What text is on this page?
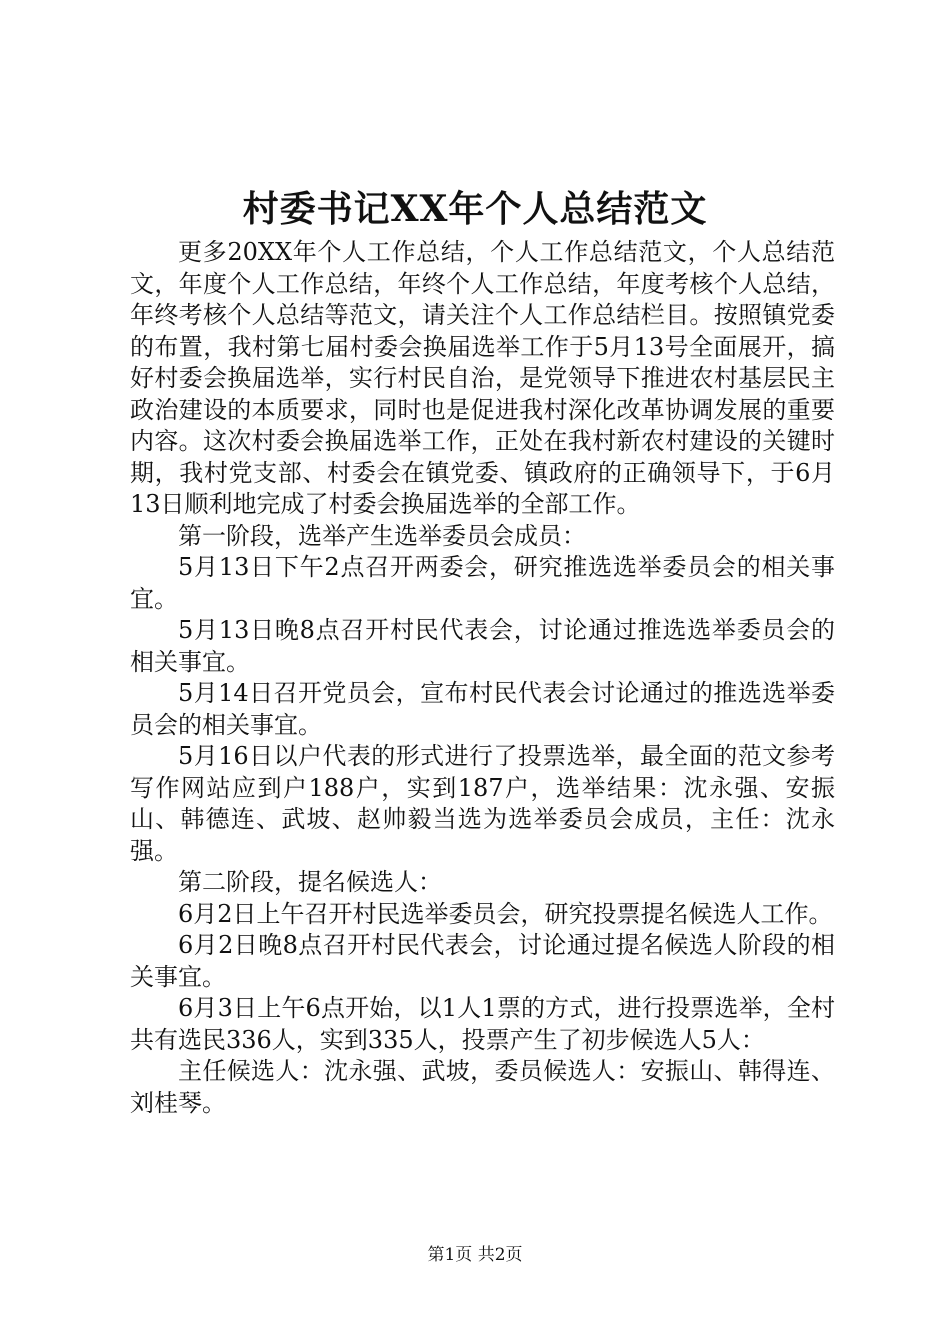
村委书记XX年个人总结范文

更多20XX年个人工作总结，个人工作总结范文，个人总结范文，年度个人工作总结，年终个人工作总结，年度考核个人总结，年终考核个人总结等范文，请关注个人工作总结栏目。按照镇党委的布置，我村第七届村委会换届选举工作于5月13号全面展开，搞好村委会换届选举，实行村民自治，是党领导下推进农村基层民主政治建设的本质要求，同时也是促进我村深化改革协调发展的重要内容。这次村委会换届选举工作，正处在我村新农村建设的关键时期，我村党支部、村委会在镇党委、镇政府的正确领导下，于6月13日顺利地完成了村委会换届选举的全部工作。

第一阶段，选举产生选举委员会成员：

5月13日下午2点召开两委会，研究推选选举委员会的相关事宜。

5月13日晚8点召开村民代表会，讨论通过推选选举委员会的相关事宜。

5月14日召开党员会，宣布村民代表会讨论通过的推选选举委员会的相关事宜。

5月16日以户代表的形式进行了投票选举，最全面的范文参考写作网站应到户188户，实到187户，选举结果：沈永强、安振山、韩德连、武坡、赵帅毅当选为选举委员会成员，主任：沈永强。

第二阶段，提名候选人：

6月2日上午召开村民选举委员会，研究投票提名候选人工作。

6月2日晚8点召开村民代表会，讨论通过提名候选人阶段的相关事宜。

6月3日上午6点开始，以1人1票的方式，进行投票选举，全村共有选民336人，实到335人，投票产生了初步候选人5人：

主任候选人：沈永强、武坡，委员候选人：安振山、韩得连、刘桂琴。

第1页 共2页
